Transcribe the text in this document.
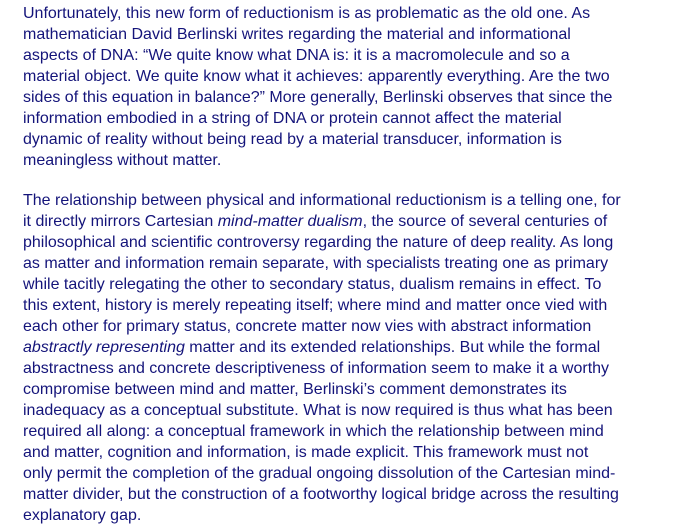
Unfortunately, this new form of reductionism is as problematic as the old one. As
mathematician David Berlinski writes regarding the material and informational
aspects of DNA: “We quite know what DNA is: it is a macromolecule and so a
material object. We quite know what it achieves: apparently everything. Are the two
sides of this equation in balance?” More generally, Berlinski observes that since the
information embodied in a string of DNA or protein cannot affect the material
dynamic of reality without being read by a material transducer, information is
meaningless without matter.

The relationship between physical and informational reductionism is a telling one, for
it directly mirrors Cartesian mind-matter dualism, the source of several centuries of
philosophical and scientific controversy regarding the nature of deep reality. As long
as matter and information remain separate, with specialists treating one as primary
while tacitly relegating the other to secondary status, dualism remains in effect. To
this extent, history is merely repeating itself; where mind and matter once vied with
each other for primary status, concrete matter now vies with abstract information
abstractly representing matter and its extended relationships. But while the formal
abstractness and concrete descriptiveness of information seem to make it a worthy
compromise between mind and matter, Berlinski’s comment demonstrates its
inadequacy as a conceptual substitute. What is now required is thus what has been
required all along: a conceptual framework in which the relationship between mind
and matter, cognition and information, is made explicit. This framework must not
only permit the completion of the gradual ongoing dissolution of the Cartesian mind-
matter divider, but the construction of a footworthy logical bridge across the resulting
explanatory gap.
